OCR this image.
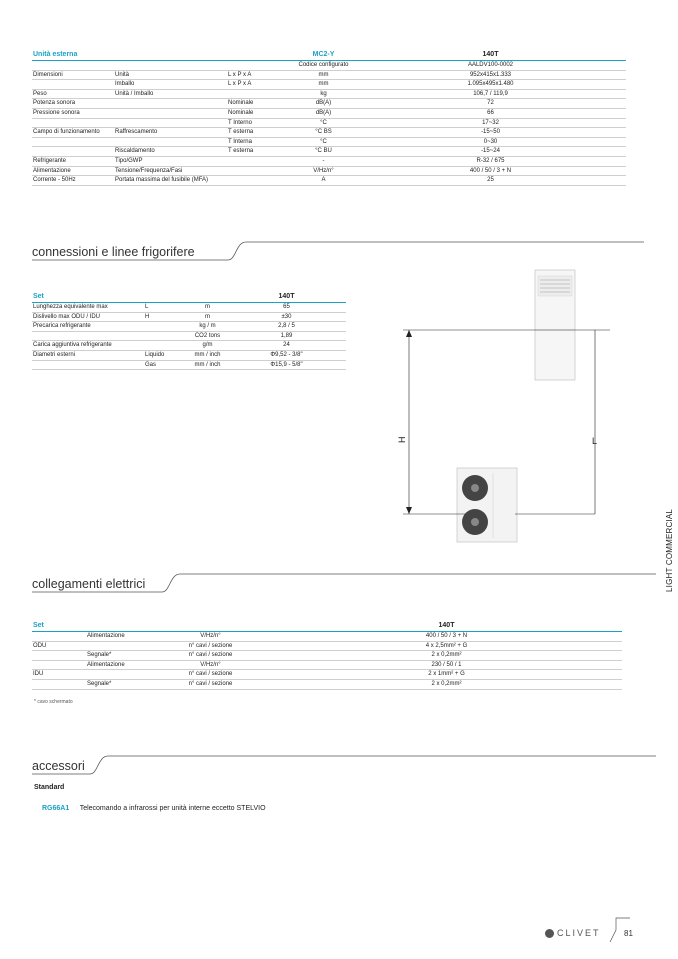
Unità esterna			MC2-Y	140T
			Codice configurato	AALDV100-0002
Dimensioni	Unità	L x P x A	mm	952x415x1.333
	Imballo	L x P x A	mm	1.095x495x1.480
Peso	Unità / Imballo		kg	106,7 / 119,9
Potenza sonora		Nominale	dB(A)	72
Pressione sonora		Nominale	dB(A)	66
		T Interno	°C	17~32
Campo di funzionamento	Raffrescamento	T esterna	°C BS	-15~50
		T Interna	°C	0~30
	Riscaldamento	T esterna	°C BU	-15~24
Refrigerante	Tipo/GWP		-	R-32 / 675
Alimentazione	Tensione/Frequenza/Fasi		V/Hz/n°	400 / 50 / 3 + N
Corrente - 50Hz	Portata massima del fusibile (MFA)		A	25
connessioni e linee frigorifere
Set			140T
Lunghezza equivalente max	L	m	65
Dislivello max ODU / IDU	H	m	±30
Precarica refrigerante		kg / m	2,8 / 5
		CO2 tons	1,89
Carica aggiuntiva refrigerante		g/m	24
Diametri esterni	Liquido	mm / inch	Φ9,52 - 3/8"
	Gas	mm / inch	Φ15,9 - 5/8"
H	L
LIGHT COMMERCIAL
collegamenti elettrici
Set			140T
	Alimentazione	V/Hz/n°	400 / 50 / 3 + N
ODU		n° cavi / sezione	4 x 2,5mm² + G
	Segnale*	n° cavi / sezione	2 x 0,2mm²
	Alimentazione	V/Hz/n°	230 / 50 / 1
IDU		n° cavi / sezione	2 x 1mm² + G
	Segnale*	n° cavi / sezione	2 x 0,2mm²
* cavo schermato
accessori
Standard
RG66A1 Telecomando a infrarossi per unità interne eccetto STELVIO
CLIVET	81
